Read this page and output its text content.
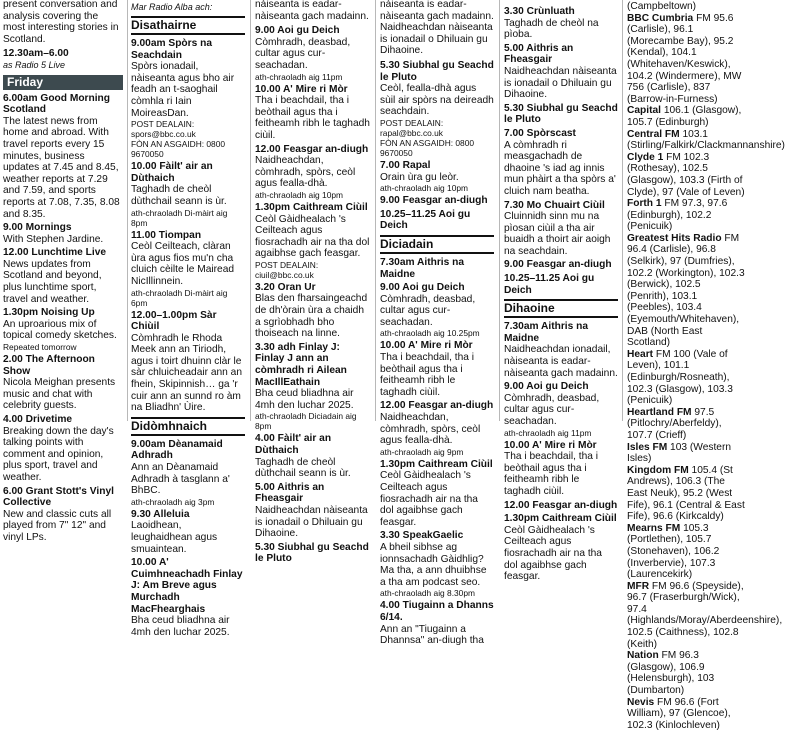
present conversation and analysis covering the most interesting stories in Scotland.
12.30am–6.00
as Radio 5 Live
Friday
6.00am Good Morning Scotland
The latest news from home and abroad. With travel reports every 15 minutes, business updates at 7.45 and 8.45, weather reports at 7.29 and 7.59, and sports reports at 7.08, 7.35, 8.08 and 8.35.
9.00 Mornings
With Stephen Jardine.
12.00 Lunchtime Live
News updates from Scotland and beyond, plus lunchtime sport, travel and weather.
1.30pm Noising Up
An uproarious mix of topical comedy sketches.
Repeated tomorrow
2.00 The Afternoon Show
Nicola Meighan presents music and chat with celebrity guests.
4.00 Drivetime
Breaking down the day's talking points with comment and opinion, plus sport, travel and weather.
6.00 Grant Stott's Vinyl Collective
New and classic cuts all played from 7" 12" and vinyl LPs.
Mar Radio Alba ach:
Disathairne
9.00am Spòrs na Seachdain
Spòrs ionadail, nàiseanta agus bho air feadh an t-saoghail còmhla ri Iain MoireasDan.
POST DEALAIN: spors@bbc.co.uk
FÒN AN ASGAIDH: 0800 9670050
10.00 Fàilt' air an Dùthaich
Taghadh de cheòl dùthchail seann is ùr.
ath-chraoladh Di-màirt aig 8pm
11.00 Tiompan
Ceòl Ceilteach, clàran ùra agus fios mu'n cha cluich cèilte le Mairead NicIllinnein.
ath-chraoladh Di-màirt aig 6pm
12.00–1.00pm Sàr Chiùil
Còmhradh le Rhoda Meek ann an Tiriodh, agus i toirt dhuinn clàr le sàr chluicheadair ann an fhein, Skipinnish… ga 'r cuir ann an sunnd ro àm na Bliadhn' Ùire.
Didòmhnaich
9.00am Dèanamaid Adhradh
Ann an Dèanamaid Adhradh à tasglann a' BhBC.
ath-chraoladh aig 3pm
9.30 Alleluia
Laoidhean, leughaidhean agus smuaintean.
10.00 A' Cuimhneachadh Finlay J: Am Breve agus Murchadh MacFhearghais
Bha ceud bliadhna air 4mh den luchar 2025.
nàiseanta is eadar-nàiseanta gach madainn.
9.00 Aoi gu Deich
Còmhradh, deasbad, cultar agus cur-seachadan.
ath-chraoladh aig 11pm
10.00 A' Mire ri Mòr
Tha i beachdail, tha i beòthail agus tha i feitheamh ribh le taghadh ciùil.
12.00 Feasgar an-diugh
Naidheachdan, còmhradh, spòrs, ceòl agus fealla-dhà.
ath-chraoladh aig 10pm
1.30pm Caithream Ciùil
Ceòl Gàidhealach 's Ceilteach agus fiosrachadh air na tha dol agaibhse gach feasgar.
POST DEALAIN: ciuil@bbc.co.uk
3.20 Oran Ur
Blas den fharsaingeachd de dh'òrain ùra a chaidh a sgrìobhadh bho thoiseach na linne.
3.30 adh Finlay J: Finlay J ann an còmhradh ri Ailean MacIllEathain
Bha ceud bliadhna air 4mh den luchar 2025.
ath-chraoladh Diciadain aig 8pm
4.00 Fàilt' air an Dùthaich
Taghadh de cheòl dùthchail seann is ùr.
5.00 Aithris an Fheasgair
Naidheachdan nàiseanta is ionadail o Dhiluain gu Dihaoine.
5.30 Siubhal gu Seachd le Pluto
nàiseanta is eadar-nàiseanta gach madainn. Naidheachdan nàiseanta is ionadail o Dhiluain gu Dihaoine.
5.30 Siubhal gu Seachd le Pluto
Ceòl, fealla-dhà agus sùil air spòrs na deireadh seachdain.
POST DEALAIN: rapal@bbc.co.uk
FÒN AN ASGAIDH: 0800 9670050
7.00 Rapal
Orain ùra gu leòr.
ath-chraoladh aig 10pm
9.00 Feasgar an-diugh
10.25–11.25 Aoi gu Deich
Diciadain
7.30am Aithris na Maidne
9.00 Aoi gu Deich
Còmhradh, deasbad, cultar agus cur-seachadan.
ath-chraoladh aig 10.25pm
10.00 A' Mire ri Mòr
Tha i beachdail, tha i beòthail agus tha i feitheamh ribh le taghadh ciùil.
12.00 Feasgar an-diugh
Naidheachdan, còmhradh, spòrs, ceòl agus fealla-dhà.
ath-chraoladh aig 9pm
1.30pm Caithream Ciùil
Ceòl Gàidhealach 's Ceilteach agus fiosrachadh air na tha dol agaibhse gach feasgar.
3.30 SpeakGaelic
A bheil sibhse ag ionnsachadh Gàidhlig? Ma tha, a ann dhuibhse a tha am podcast seo.
ath-chraoladh aig 8.30pm
4.00 Tiugainn a Dhanns 6/14.
Ann an "Tiugainn a Dhannsa" an-diugh tha
3.30 Crùnluath
Taghadh de cheòl na pìoba.
5.00 Aithris an Fheasgair
Naidheachdan nàiseanta is ionadail o Dhiluain gu Dihaoine.
5.30 Siubhal gu Seachd le Pluto
7.00 Spòrscast
A còmhradh ri measgachadh de dhaoine 's iad ag innis mun phàirt a tha spòrs a' cluich nam beatha.
7.30 Mo Chuairt Ciùil
Cluinnidh sinn mu na pìosan ciùil a tha air buaidh a thoirt air aoigh na seachdain.
9.00 Feasgar an-diugh
10.25–11.25 Aoi gu Deich
Dihaoine
7.30am Aithris na Maidne
Naidheachdan ionadail, nàiseanta is eadar-nàiseanta gach madainn.
9.00 Aoi gu Deich
Còmhradh, deasbad, cultar agus cur-seachadan.
ath-chraoladh aig 11pm
10.00 A' Mire ri Mòr
Tha i beachdail, tha i beòthail agus tha i feitheamh ribh le taghadh ciùil.
12.00 Feasgar an-diugh
1.30pm Caithream Ciùil
Ceòl Gàidhealach 's Ceilteach agus fiosrachadh air na tha dol agaibhse gach feasgar.
(Campbeltown)
BBC Cumbria FM 95.6 (Carlisle), 96.1 (Morecambe Bay), 95.2 (Kendal), 104.1 (Whitehaven/Keswick), 104.2 (Windermere), MW 756 (Carlisle), 837 (Barrow-in-Furness)
Capital 106.1 (Glasgow), 105.7 (Edinburgh)
Central FM 103.1 (Stirling/Falkirk/Clackmannanshire)
Clyde 1 FM 102.3 (Rothesay), 102.5 (Glasgow), 103.3 (Firth of Clyde), 97 (Vale of Leven)
Forth 1 FM 97.3, 97.6 (Edinburgh), 102.2 (Penicuik)
Greatest Hits Radio FM 96.4 (Carlisle), 96.8 (Selkirk), 97 (Dumfries), 102.2 (Workington), 102.3 (Berwick), 102.5 (Penrith), 103.1 (Peebles), 103.4 (Eyemouth/Whitehaven), DAB (North East Scotland)
Heart FM 100 (Vale of Leven), 101.1 (Edinburgh/Rosneath), 102.3 (Glasgow), 103.3 (Penicuik)
Heartland FM 97.5 (Pitlochry/Aberfeldy), 107.7 (Crieff)
Isles FM 103 (Western Isles)
Kingdom FM 105.4 (St Andrews), 106.3 (The East Neuk), 95.2 (West Fife), 96.1 (Central & East Fife), 96.6 (Kirkcaldy)
Mearns FM 105.3 (Portlethen), 105.7 (Stonehaven), 106.2 (Inverbervie), 107.3 (Laurencekirk)
MFR FM 96.6 (Speyside), 96.7 (Fraserburgh/Wick), 97.4 (Highlands/Moray/Aberdeenshire), 102.5 (Caithness), 102.8 (Keith)
Nation FM 96.3 (Glasgow), 106.9 (Helensburgh), 103 (Dumbarton)
Nevis FM 96.6 (Fort William), 97 (Glencoe), 102.3 (Kinlochleven)
